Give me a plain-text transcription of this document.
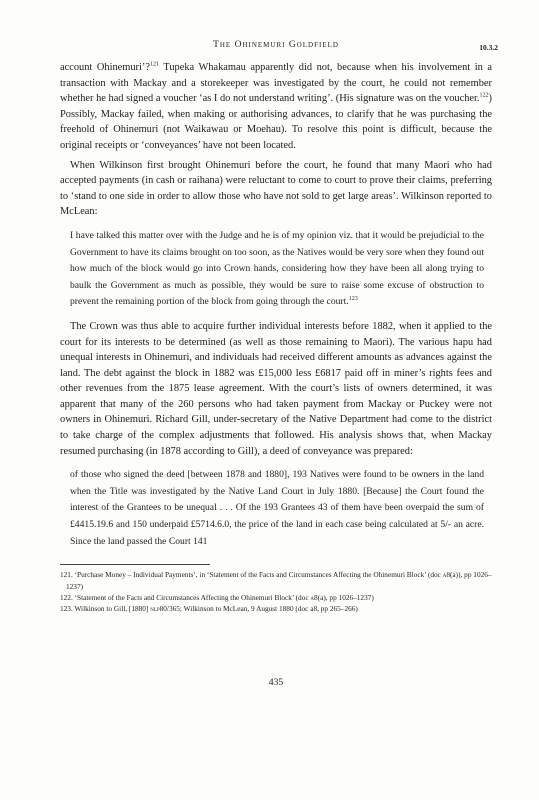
The Ohinemuri Goldfield	10.3.2

account Ohinemuri’?$^{121}$ Tupeka Whakamau apparently did not, because when his involvement in a transaction with Mackay and a storekeeper was investigated by the court, he could not remember whether he had signed a voucher ‘as I do not understand writing’. (His signature was on the voucher.$^{122}$) Possibly, Mackay failed, when making or authorising advances, to clarify that he was purchasing the freehold of Ohinemuri (not Waikawau or Moehau). To resolve this point is difficult, because the original receipts or ‘conveyances’ have not been located.

When Wilkinson first brought Ohinemuri before the court, he found that many Maori who had accepted payments (in cash or raihana) were reluctant to come to court to prove their claims, preferring to ‘stand to one side in order to allow those who have not sold to get large areas’. Wilkinson reported to McLean:

I have talked this matter over with the Judge and he is of my opinion viz. that it would be prejudicial to the Government to have its claims brought on too soon, as the Natives would be very sore when they found out how much of the block would go into Crown hands, considering how they have been all along trying to baulk the Government as much as possible, they would be sure to raise some excuse of obstruction to prevent the remaining portion of the block from going through the court.$^{123}$

The Crown was thus able to acquire further individual interests before 1882, when it applied to the court for its interests to be determined (as well as those remaining to Maori). The various hapu had unequal interests in Ohinemuri, and individuals had received different amounts as advances against the land. The debt against the block in 1882 was £15,000 less £6817 paid off in miner’s rights fees and other revenues from the 1875 lease agreement. With the court’s lists of owners determined, it was apparent that many of the 260 persons who had taken payment from Mackay or Puckey were not owners in Ohinemuri. Richard Gill, under-secretary of the Native Department had come to the district to take charge of the complex adjustments that followed. His analysis shows that, when Mackay resumed purchasing (in 1878 according to Gill), a deed of conveyance was prepared:

of those who signed the deed [between 1878 and 1880], 193 Natives were found to be owners in the land when the Title was investigated by the Native Land Court in July 1880. [Because] the Court found the interest of the Grantees to be unequal . . . Of the 193 Grantees 43 of them have been overpaid the sum of £4415.19.6 and 150 underpaid £5714.6.0, the price of the land in each case being calculated at 5/- an acre. Since the land passed the Court 141

121. ‘Purchase Money – Individual Payments’, in ‘Statement of the Facts and Circumstances Affecting the Ohinemuri Block’ (doc a8(a)), pp 1026–1237)

122. ‘Statement of the Facts and Circumstances Affecting the Ohinemuri Block’ (doc a8(a), pp 1026–1237)

123. Wilkinson to Gill, [1880] nlp80/365; Wilkinson to McLean, 9 August 1880 (doc a8, pp 265–266)

435
